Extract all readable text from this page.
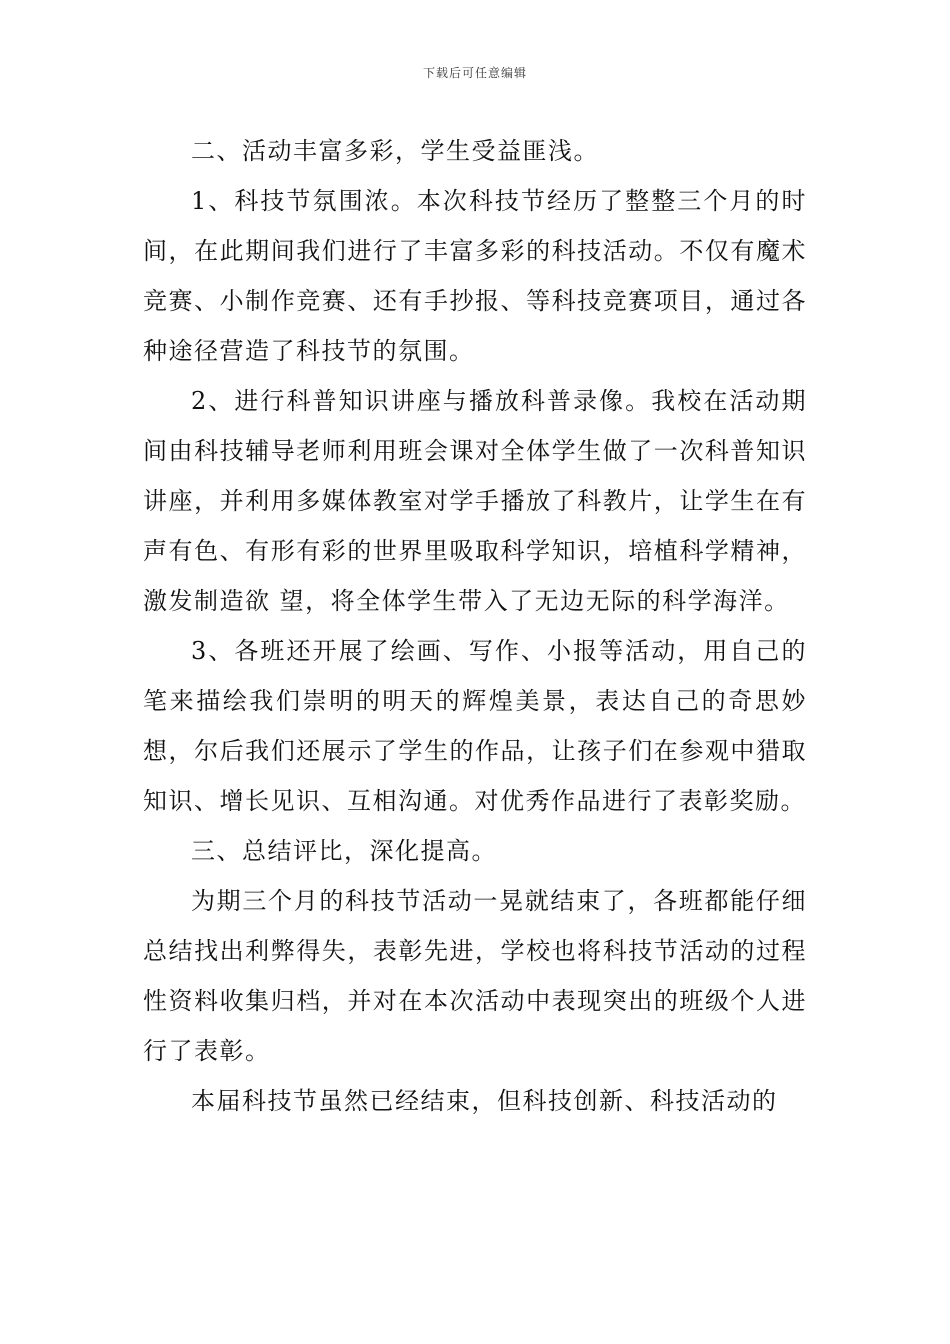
下载后可任意编辑

二、活动丰富多彩，学生受益匪浅。

1、科技节氛围浓。本次科技节经历了整整三个月的时间，在此期间我们进行了丰富多彩的科技活动。不仅有魔术竞赛、小制作竞赛、还有手抄报、等科技竞赛项目，通过各种途径营造了科技节的氛围。

2、进行科普知识讲座与播放科普录像。我校在活动期间由科技辅导老师利用班会课对全体学生做了一次科普知识讲座，并利用多媒体教室对学手播放了科教片，让学生在有声有色、有形有彩的世界里吸取科学知识，培植科学精神，激发制造欲 望，将全体学生带入了无边无际的科学海洋。

3、各班还开展了绘画、写作、小报等活动，用自己的笔来描绘我们崇明的明天的辉煌美景，表达自己的奇思妙想，尔后我们还展示了学生的作品，让孩子们在参观中猎取知识、增长见识、互相沟通。对优秀作品进行了表彰奖励。

三、总结评比，深化提高。

为期三个月的科技节活动一晃就结束了，各班都能仔细总结找出利弊得失，表彰先进，学校也将科技节活动的过程性资料收集归档，并对在本次活动中表现突出的班级个人进行了表彰。

本届科技节虽然已经结束，但科技创新、科技活动的
